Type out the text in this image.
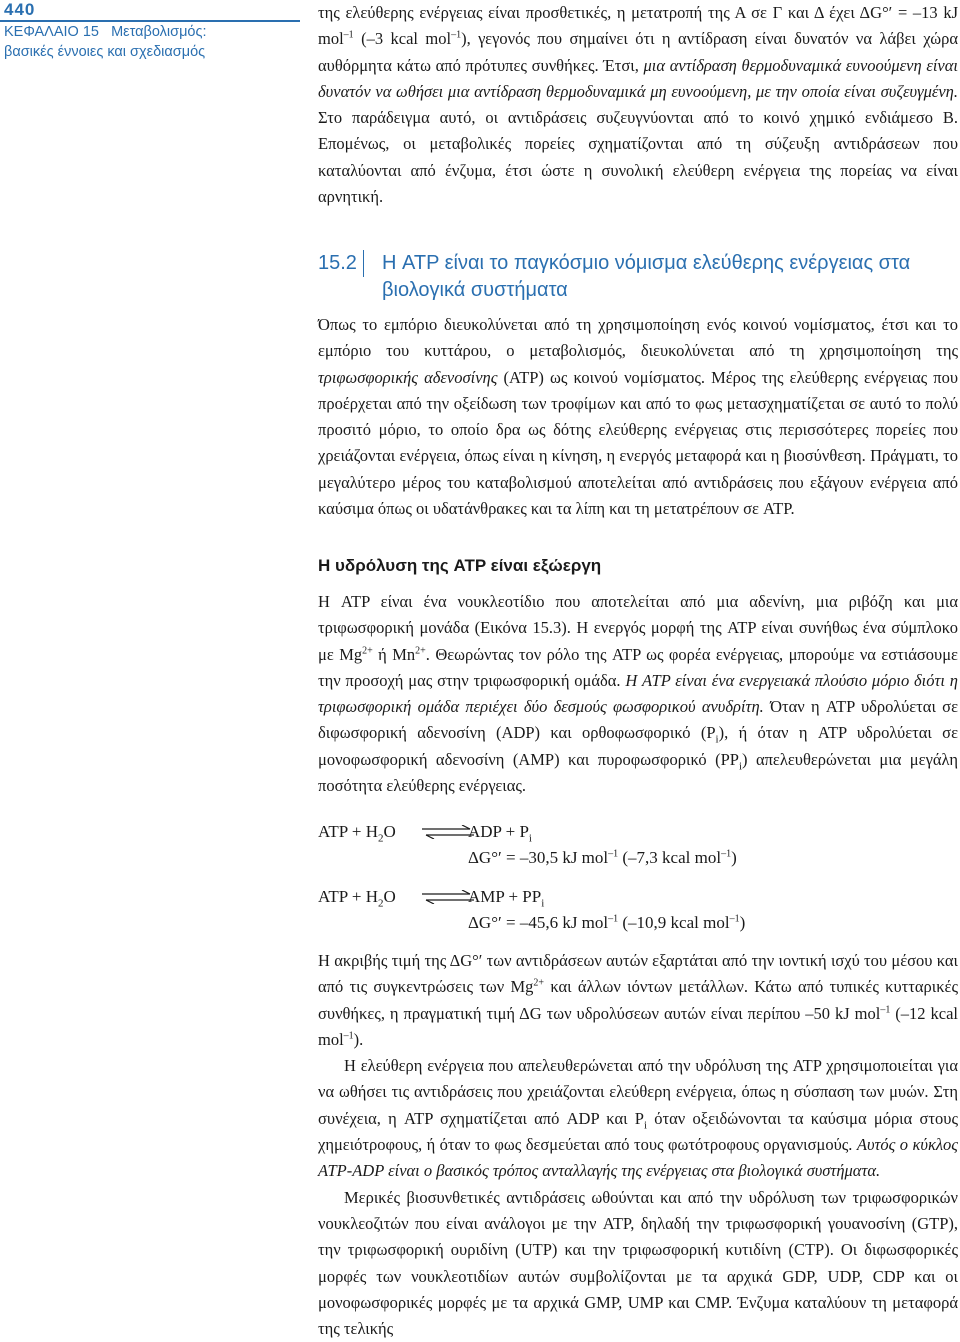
440
ΚΕΦΑΛΑΙΟ 15   Μεταβολισμός:
βασικές έννοιες και σχεδιασμός

της ελεύθερης ενέργειας είναι προσθετικές, η μετατροπή της Α σε Γ και Δ έχει ΔG°′ = –13 kJ mol$^{-1}$ (–3 kcal mol$^{-1}$), γεγονός που σημαίνει ότι η αντίδραση είναι δυνατόν να λάβει χώρα αυθόρμητα κάτω από πρότυπες συνθήκες. Έτσι, μια αντίδραση θερμοδυναμικά ευνοούμενη είναι δυνατόν να ωθήσει μια αντίδραση θερμοδυναμικά μη ευνοούμενη, με την οποία είναι συζευγμένη. Στο παράδειγμα αυτό, οι αντιδράσεις συζευγνύονται από το κοινό χημικό ενδιάμεσο Β. Επομένως, οι μεταβολικές πορείες σχηματίζονται από τη σύζευξη αντιδράσεων που καταλύονται από ένζυμα, έτσι ώστε η συνολική ελεύθερη ενέργεια της πορείας να είναι αρνητική.

15.2	Η ATP είναι το παγκόσμιο νόμισμα ελεύθερης ενέργειας στα βιολογικά συστήματα

Όπως το εμπόριο διευκολύνεται από τη χρησιμοποίηση ενός κοινού νομίσματος, έτσι και το εμπόριο του κυττάρου, ο μεταβολισμός, διευκολύνεται από τη χρησιμοποίηση της τριφωσφορικής αδενοσίνης (ATP) ως κοινού νομίσματος. Μέρος της ελεύθερης ενέργειας που προέρχεται από την οξείδωση των τροφίμων και από το φως μετασχηματίζεται σε αυτό το πολύ προσιτό μόριο, το οποίο δρα ως δότης ελεύθερης ενέργειας στις περισσότερες πορείες που χρειάζονται ενέργεια, όπως είναι η κίνηση, η ενεργός μεταφορά και η βιοσύνθεση. Πράγματι, το μεγαλύτερο μέρος του καταβολισμού αποτελείται από αντιδράσεις που εξάγουν ενέργεια από καύσιμα όπως οι υδατάνθρακες και τα λίπη και τη μετατρέπουν σε ATP.

Η υδρόλυση της ATP είναι εξώεργη

Η ATP είναι ένα νουκλεοτίδιο που αποτελείται από μια αδενίνη, μια ριβόζη και μια τριφωσφορική μονάδα (Εικόνα 15.3). Η ενεργός μορφή της ATP είναι συνήθως ένα σύμπλοκο με $Mg^{2+}$ ή $Mn^{2+}$. Θεωρώντας τον ρόλο της ATP ως φορέα ενέργειας, μπορούμε να εστιάσουμε την προσοχή μας στην τριφωσφορική ομάδα. Η ATP είναι ένα ενεργειακά πλούσιο μόριο διότι η τριφωσφορική ομάδα περιέχει δύο δεσμούς φωσφορικού ανυδρίτη. Όταν η ATP υδρολύεται σε διφωσφορική αδενοσίνη (ADP) και ορθοφωσφορικό $(P_i)$, ή όταν η ATP υδρολύεται σε μονοφωσφορική αδενοσίνη (AMP) και πυροφωσφορικό $(PP_i)$ απελευθερώνεται μια μεγάλη ποσότητα ελεύθερης ενέργειας.

ATP + $H_2O$	ADP + $P_i$
ΔG°′ = –30,5 kJ mol$^{-1}$ (–7,3 kcal mol$^{-1}$)
ATP + $H_2O$	AMP + $PP_i$
ΔG°′ = –45,6 kJ mol$^{-1}$ (–10,9 kcal mol$^{-1}$)

Η ακριβής τιμή της ΔG°′ των αντιδράσεων αυτών εξαρτάται από την ιοντική ισχύ του μέσου και από τις συγκεντρώσεις των $Mg^{2+}$ και άλλων ιόντων μετάλλων. Κάτω από τυπικές κυτταρικές συνθήκες, η πραγματική τιμή ΔG των υδρολύσεων αυτών είναι περίπου –50 kJ mol$^{-1}$ (–12 kcal mol$^{-1}$).

Η ελεύθερη ενέργεια που απελευθερώνεται από την υδρόλυση της ATP χρησιμοποιείται για να ωθήσει τις αντιδράσεις που χρειάζονται ελεύθερη ενέργεια, όπως η σύσπαση των μυών. Στη συνέχεια, η ATP σχηματίζεται από ADP και $P_i$ όταν οξειδώνονται τα καύσιμα μόρια στους χημειότροφους, ή όταν το φως δεσμεύεται από τους φωτότροφους οργανισμούς. Αυτός ο κύκλος ATP-ADP είναι ο βασικός τρόπος ανταλλαγής της ενέργειας στα βιολογικά συστήματα.

Μερικές βιοσυνθετικές αντιδράσεις ωθούνται και από την υδρόλυση των τριφωσφορικών νουκλεοζιτών που είναι ανάλογοι με την ATP, δηλαδή την τριφωσφορική γουανοσίνη (GTP), την τριφωσφορική ουριδίνη (UTP) και την τριφωσφορική κυτιδίνη (CTP). Οι διφωσφορικές μορφές των νουκλεοτιδίων αυτών συμβολίζονται με τα αρχικά GDP, UDP, CDP και οι μονοφωσφορικές μορφές με τα αρχικά GMP, UMP και CMP. Ένζυμα καταλύουν τη μεταφορά της τελικής
